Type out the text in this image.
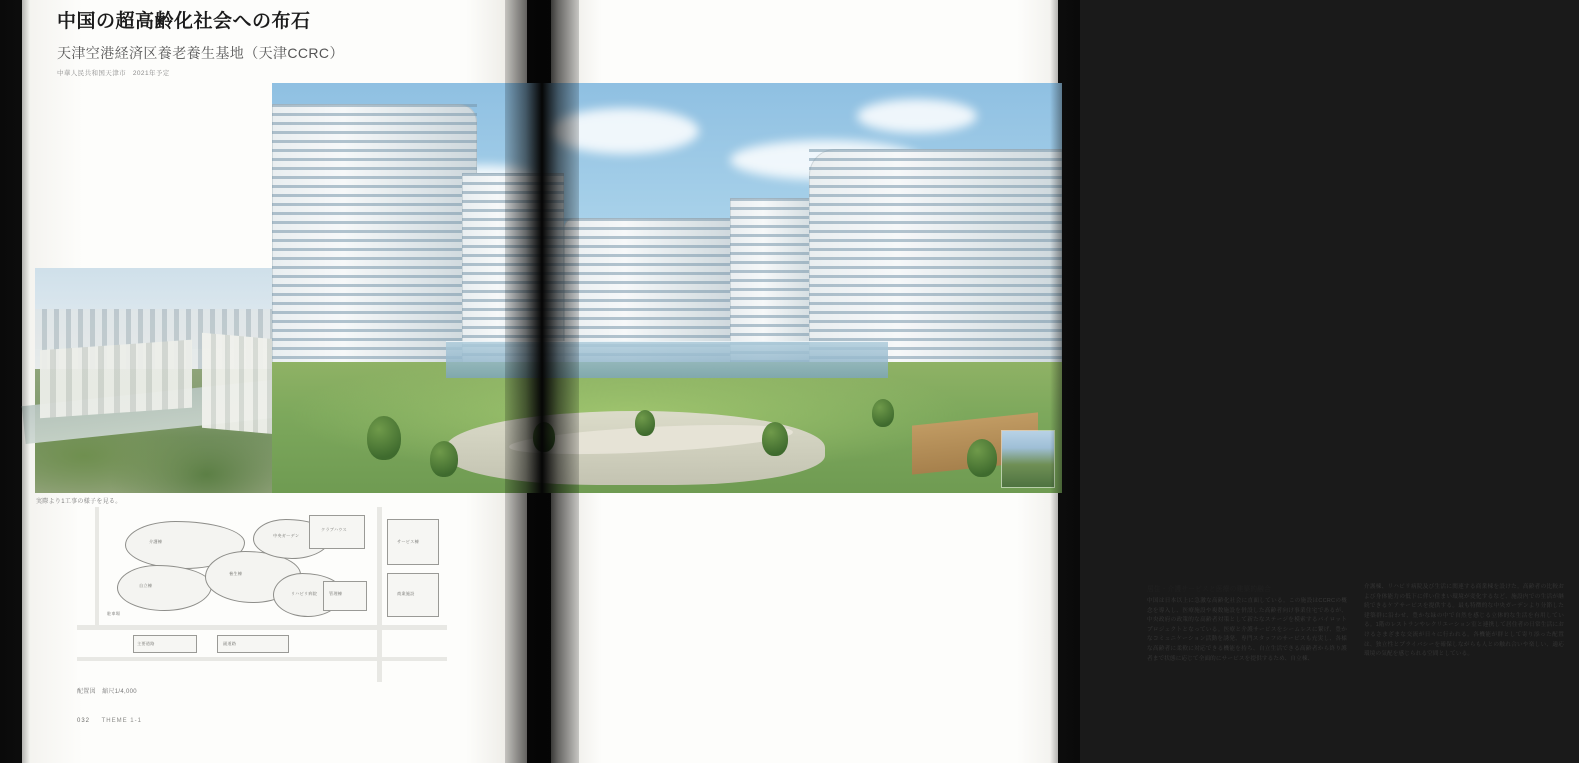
中国の超高齢化社会への布石
天津空港経済区養老養生基地（天津CCRC）
中華人民共和国天津市　2021年予定
実際より1工事の様子を見る。
介護棟
自立棟
養生棟
中央ガーデン
リハビリ病院
クラブハウス
管理棟
サービス棟
商業施設
主要道路	副道路
駐車場
配置図　縮尺1/4,000
032 THEME 1-1
居住・介護サービスと医療の建築的融合
中国は日本以上に急激な高齢化社会に直面している。この施設はCCRCの概念を導入し、医療施設や複数施設を併設した高齢者向け事業住宅であるが、中央政府の政策的な高齢者対策として新たなステージを模索するパイロットプロジェクトとなっている。医療と介護サービスをシームレスに繋げ、豊かなコミュニケーション活動を誘発、専門スタッフのサービスも充実し、各様な高齢者に柔軟に対応できる機能を持ち、自立生活できる高齢者から終り護者まで状態に応じて全面的にサービスを提供するため、自立棟、
介護棟、リハビリ病院及び生活に関連する商業棟を設けた。高齢者の比較および身体能力の低下に伴い住まい環境が変化するなど、施設内での生活が継続できるケアサービスを提供する。最も特徴的な中央ガーデンより分節した建築群に沿わせ、豊かな緑の中で自然を感じる立体的な生活を有用している。1階のレストランやレクリエーション室と連携して居住者の日常生活におけるさまざまな交流が日々に行われる。各機能が群として寄り添った配置は、独立性とプライバシーを確保しながらも人との触れ合いや楽しい、適応環境の気配を感じられる空間としている。
